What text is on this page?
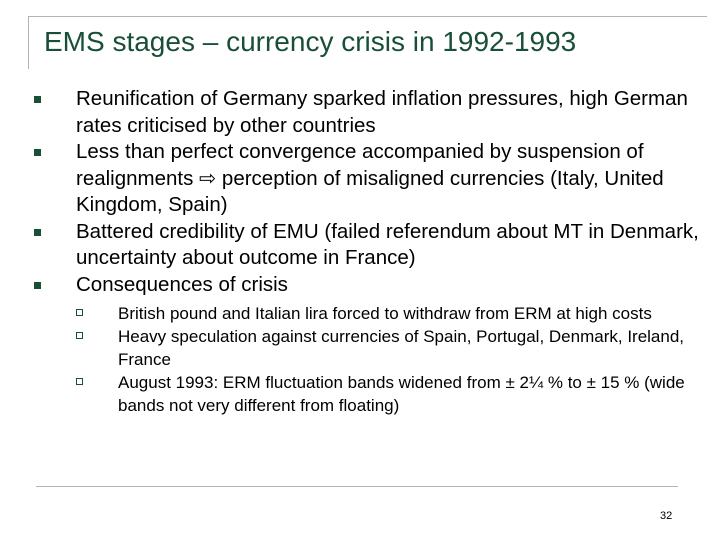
EMS stages – currency crisis in 1992-1993
Reunification of Germany sparked inflation pressures, high German rates criticised by other countries
Less than perfect convergence accompanied by suspension of realignments ⇨ perception of misaligned currencies (Italy, United Kingdom, Spain)
Battered credibility of EMU (failed referendum about MT in Denmark, uncertainty about outcome in France)
Consequences of crisis
British pound and Italian lira forced to withdraw from ERM at high costs
Heavy speculation against currencies of Spain, Portugal, Denmark, Ireland, France
August 1993: ERM fluctuation bands widened from ± 2¼ % to ± 15 % (wide bands not very different from floating)
32
